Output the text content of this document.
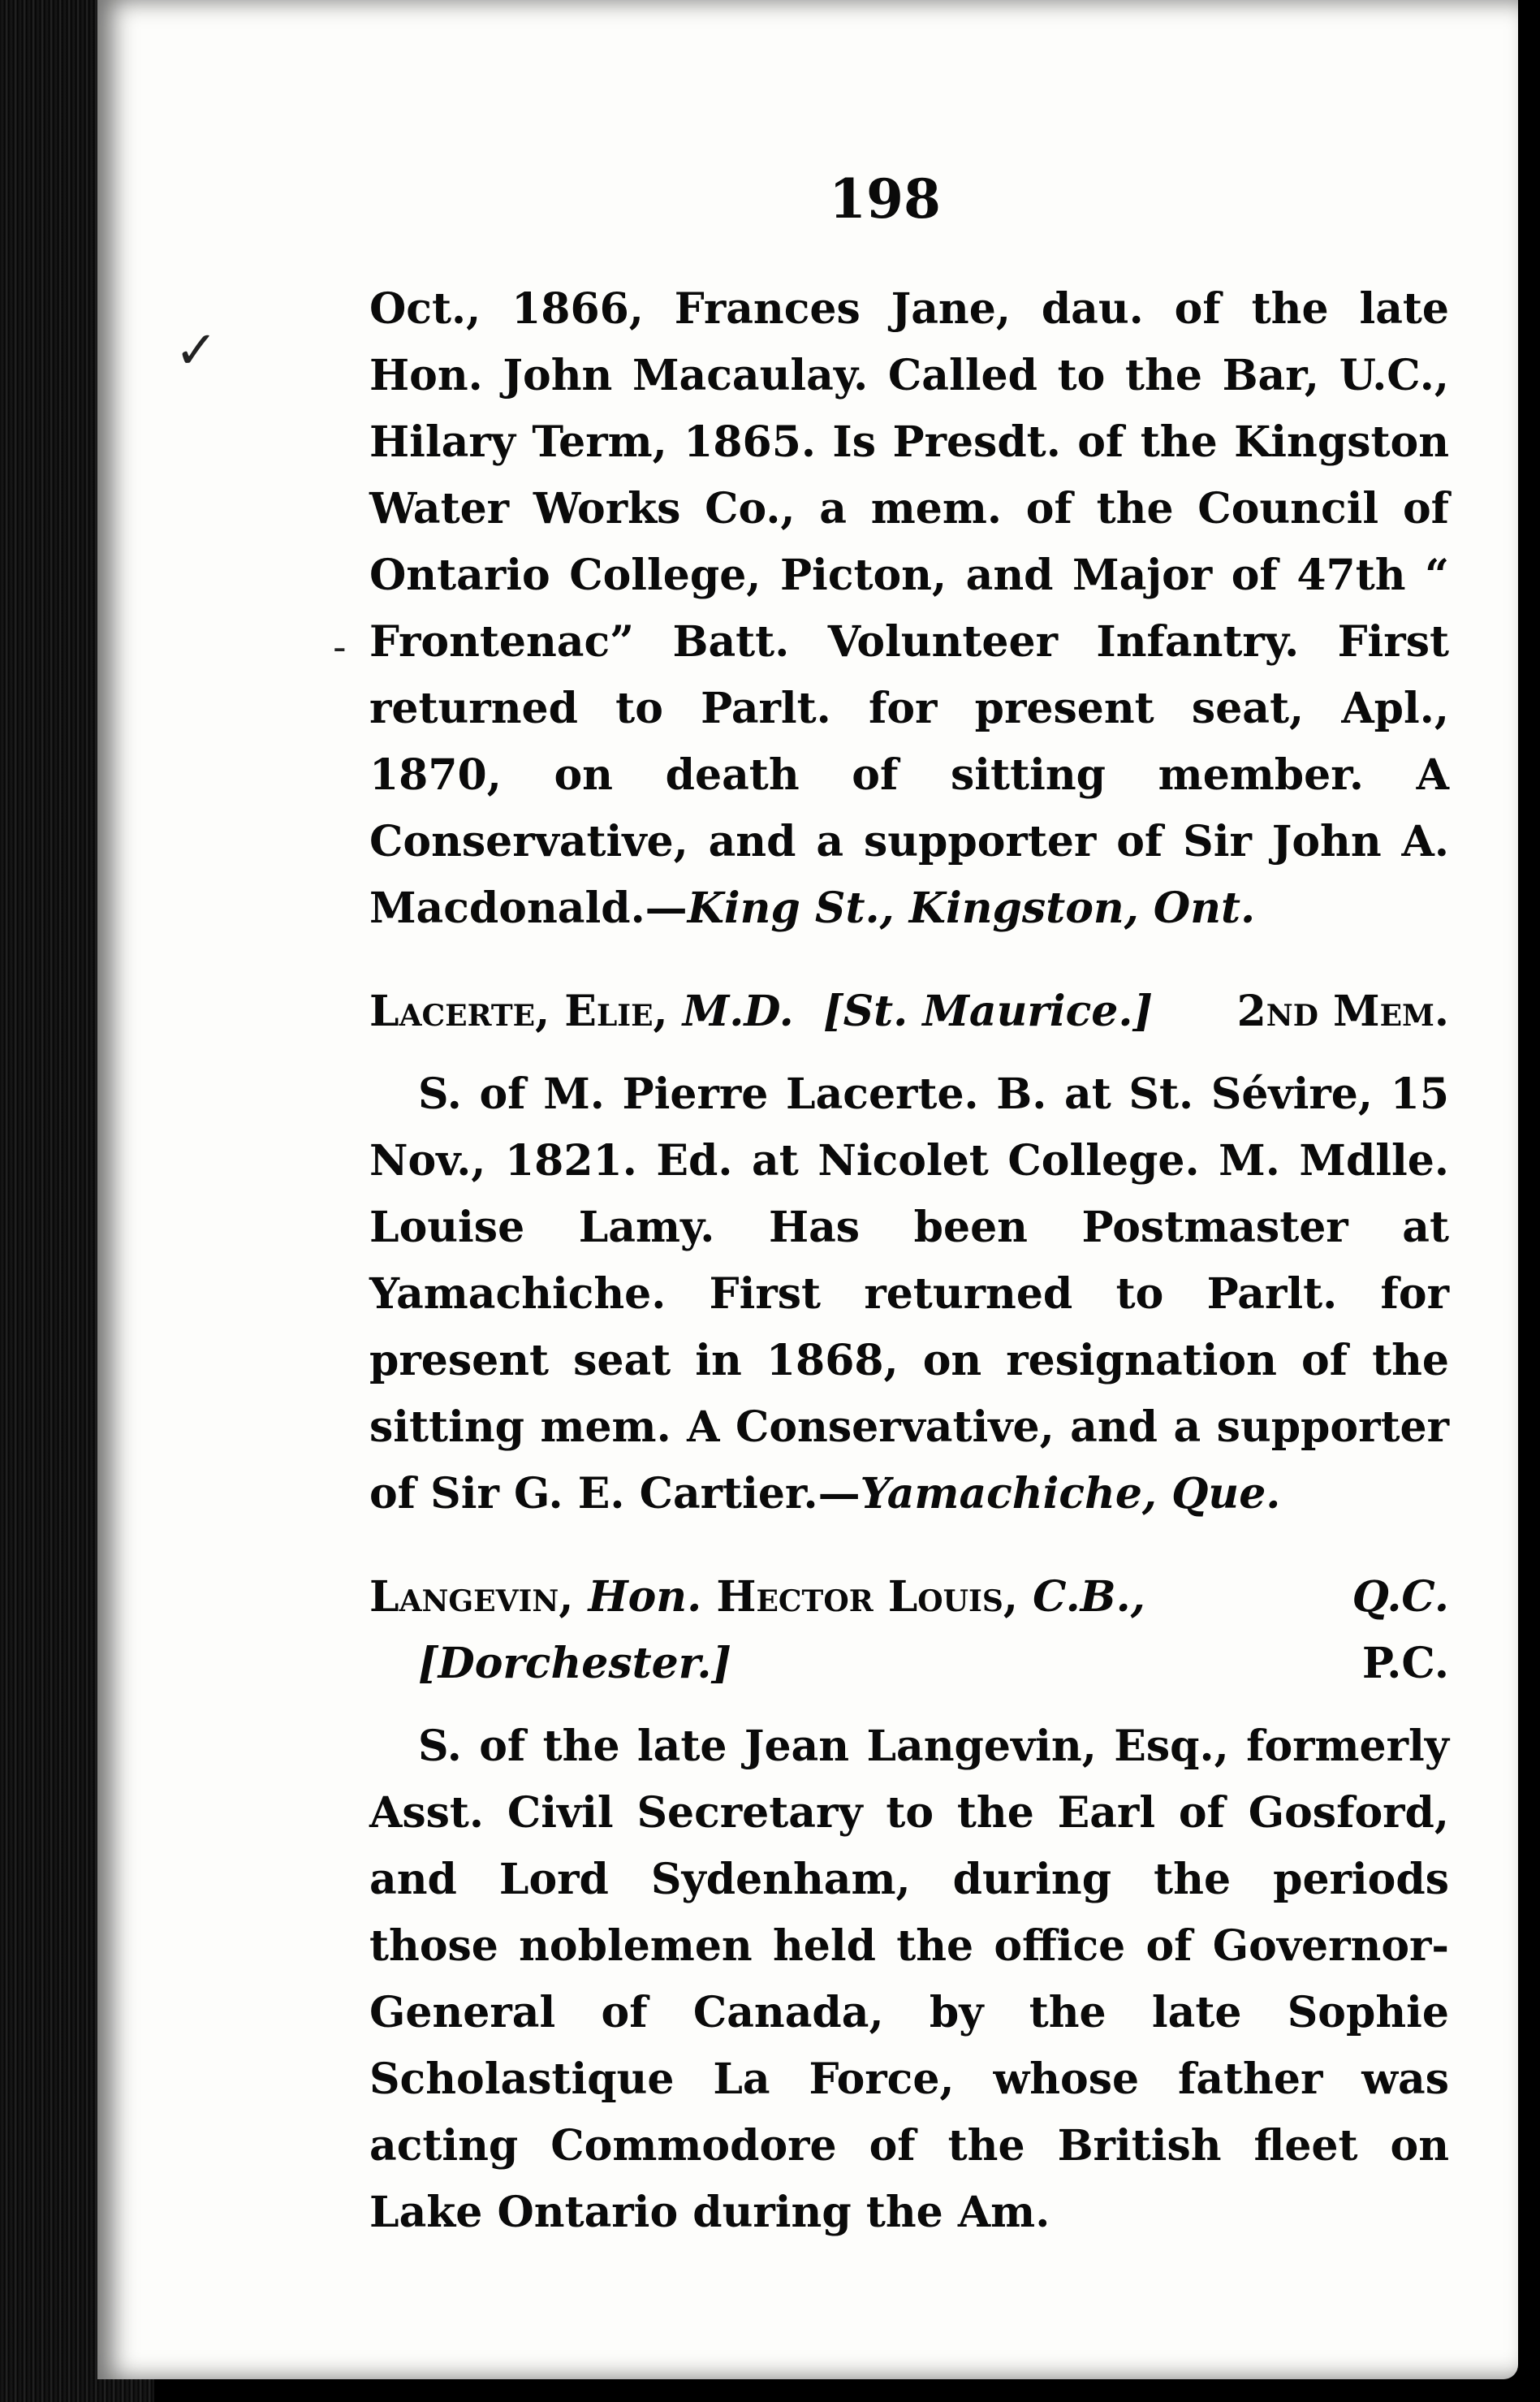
✓
-
198

Oct., 1866, Frances Jane, dau. of the late Hon. John Macaulay. Called to the Bar, U.C., Hilary Term, 1865. Is Presdt. of the Kingston Water Works Co., a mem. of the Council of Ontario College, Picton, and Major of 47th “ Frontenac” Batt. Volunteer Infantry. First returned to Parlt. for present seat, Apl., 1870, on death of sitting member. A Conservative, and a supporter of Sir John A. Macdonald.—King St., Kingston, Ont.

Lacerte, Elie, M.D. [St. Maurice.] 2nd Mem.

S. of M. Pierre Lacerte. B. at St. Sévire, 15 Nov., 1821. Ed. at Nicolet College. M. Mdlle. Louise Lamy. Has been Postmaster at Yamachiche. First returned to Parlt. for present seat in 1868, on resignation of the sitting mem. A Conservative, and a supporter of Sir G. E. Cartier.—Yamachiche, Que.

Langevin, Hon. Hector Louis, C.B.,	Q.C.
[Dorchester.]	P.C.

S. of the late Jean Langevin, Esq., formerly Asst. Civil Secretary to the Earl of Gosford, and Lord Sydenham, during the periods those noblemen held the office of Governor-General of Canada, by the late Sophie Scholastique La Force, whose father was acting Commodore of the British fleet on Lake Ontario during the Am.
